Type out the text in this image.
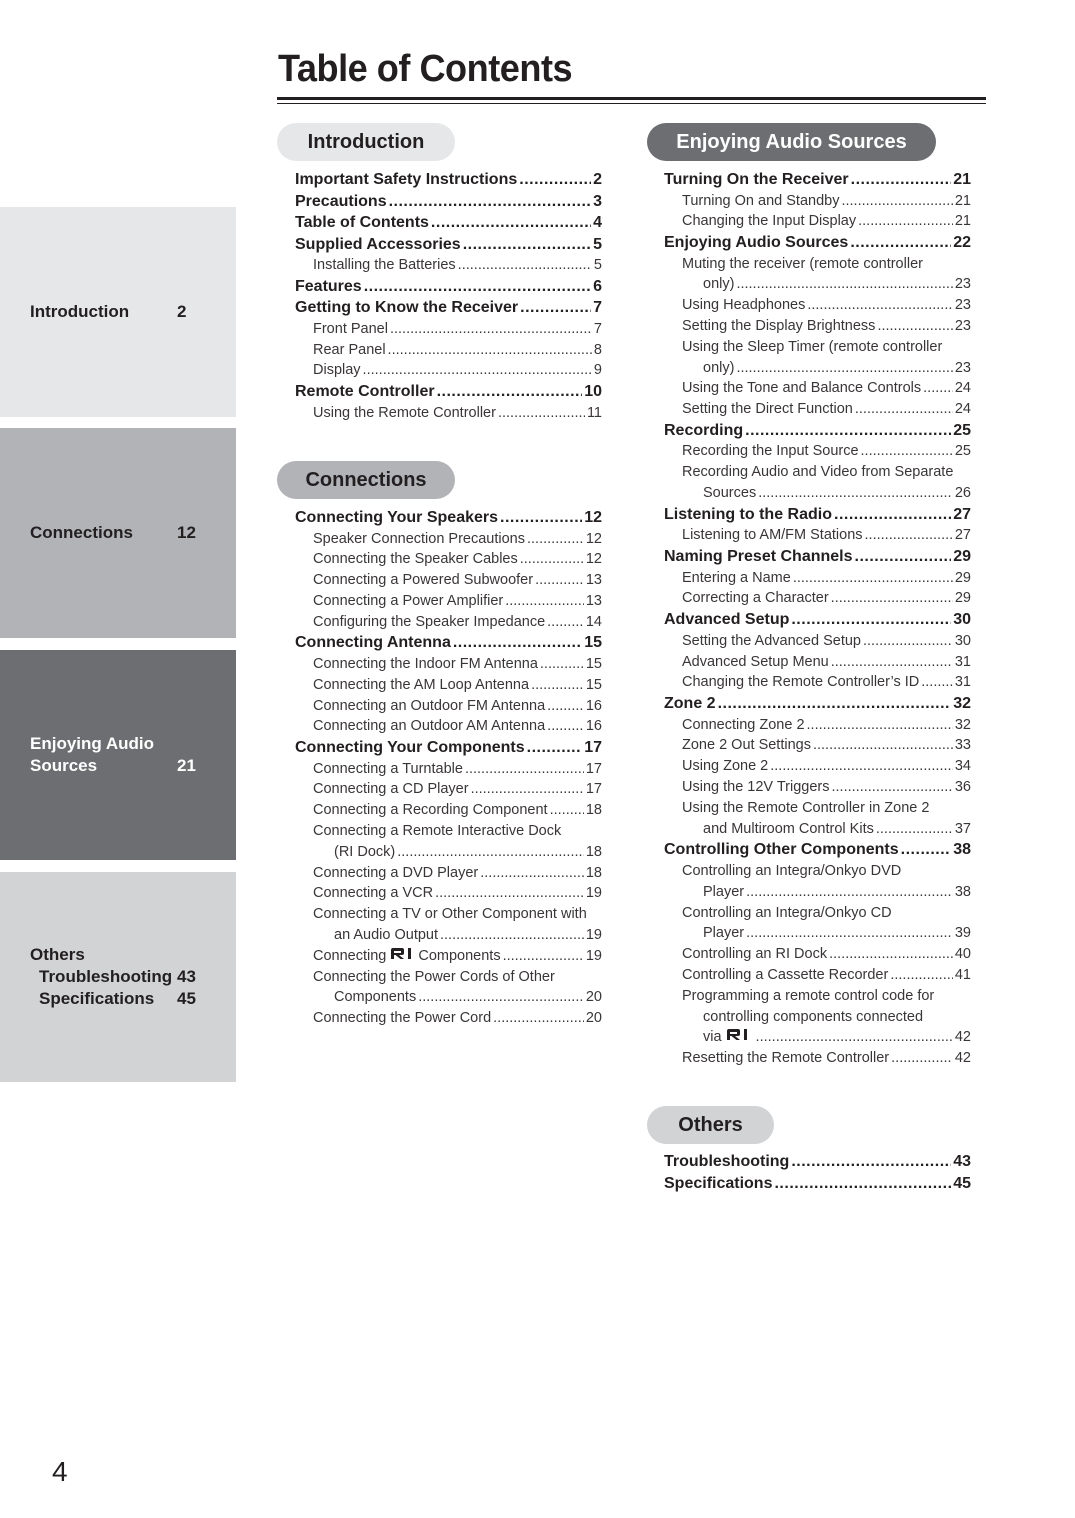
Table of Contents
Introduction	2
Connections	12
Enjoying Audio
Sources	21
Others
Troubleshooting 43
Specifications	45
Introduction
Connections
Enjoying Audio Sources
Others
Important Safety Instructions .....	2
Precautions .....	3
Table of Contents .....	4
Supplied Accessories .....	5
Installing the Batteries .....	5
Features .....	6
Getting to Know the Receiver .....	7
Front Panel .....	7
Rear Panel .....	8
Display .....	9
Remote Controller .....	10
Using the Remote Controller .....	11
Connecting Your Speakers .....	12
Speaker Connection Precautions .....	12
Connecting the Speaker Cables .....	12
Connecting a Powered Subwoofer .....	13
Connecting a Power Amplifier .....	13
Configuring the Speaker Impedance .....	14
Connecting Antenna .....	15
Connecting the Indoor FM Antenna .....	15
Connecting the AM Loop Antenna .....	15
Connecting an Outdoor FM Antenna .....	16
Connecting an Outdoor AM Antenna .....	16
Connecting Your Components .....	17
Connecting a Turntable .....	17
Connecting a CD Player .....	17
Connecting a Recording Component .....	18
Connecting a Remote Interactive Dock
(RI Dock) .....	18
Connecting a DVD Player .....	18
Connecting a VCR .....	19
Connecting a TV or Other Component with
an Audio Output .....	19
Connecting Components .....	19
Connecting the Power Cords of Other
Components .....	20
Connecting the Power Cord .....	20
Turning On the Receiver .....	21
Turning On and Standby .....	21
Changing the Input Display .....	21
Enjoying Audio Sources .....	22
Muting the receiver (remote controller
only) .....	23
Using Headphones .....	23
Setting the Display Brightness .....	23
Using the Sleep Timer (remote controller
only) .....	23
Using the Tone and Balance Controls ..... 24
Setting the Direct Function .....	24
Recording .....	25
Recording the Input Source .....	25
Recording Audio and Video from Separate
Sources .....	26
Listening to the Radio .....	27
Listening to AM/FM Stations .....	27
Naming Preset Channels .....	29
Entering a Name .....	29
Correcting a Character .....	29
Advanced Setup .....	30
Setting the Advanced Setup .....	30
Advanced Setup Menu .....	31
Changing the Remote Controller’s ID ..... 31
Zone 2 .....	32
Connecting Zone 2 .....	32
Zone 2 Out Settings .....	33
Using Zone 2 .....	34
Using the 12V Triggers .....	36
Using the Remote Controller in Zone 2
and Multiroom Control Kits .....	37
Controlling Other Components .....	38
Controlling an Integra/Onkyo DVD
Player .....	38
Controlling an Integra/Onkyo CD
Player .....	39
Controlling an RI Dock .....	40
Controlling a Cassette Recorder .....	41
Programming a remote control code for
controlling components connected
via .....	42
Resetting the Remote Controller .....	42
Troubleshooting .....	43
Specifications .....	45
4
